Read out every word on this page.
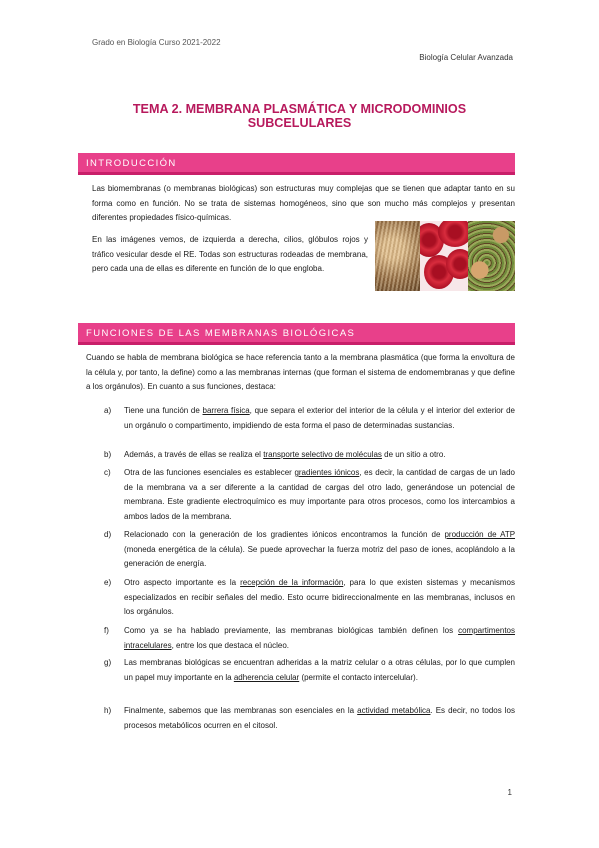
Grado en Biología Curso 2021-2022
Biología Celular Avanzada
TEMA 2. MEMBRANA PLASMÁTICA Y MICRODOMINIOS SUBCELULARES
INTRODUCCIÓN

Las biomembranas (o membranas biológicas) son estructuras muy complejas que se tienen que adaptar tanto en su forma como en función. No se trata de sistemas homogéneos, sino que son mucho más complejos y presentan diferentes propiedades físico-químicas.

En las imágenes vemos, de izquierda a derecha, cilios, glóbulos rojos y tráfico vesicular desde el RE. Todas son estructuras rodeadas de membrana, pero cada una de ellas es diferente en función de lo que engloba.

FUNCIONES DE LAS MEMBRANAS BIOLÓGICAS

Cuando se habla de membrana biológica se hace referencia tanto a la membrana plasmática (que forma la envoltura de la célula y, por tanto, la define) como a las membranas internas (que forman el sistema de endomembranas y que define a los orgánulos). En cuanto a sus funciones, destaca:

a) Tiene una función de barrera física, que separa el exterior del interior de la célula y el interior del exterior de un orgánulo o compartimento, impidiendo de esta forma el paso de determinadas sustancias.
b) Además, a través de ellas se realiza el transporte selectivo de moléculas de un sitio a otro.
c) Otra de las funciones esenciales es establecer gradientes iónicos, es decir, la cantidad de cargas de un lado de la membrana va a ser diferente a la cantidad de cargas del otro lado, generándose un potencial de membrana. Este gradiente electroquímico es muy importante para otros procesos, como los intercambios a ambos lados de la membrana.
d) Relacionado con la generación de los gradientes iónicos encontramos la función de producción de ATP (moneda energética de la célula). Se puede aprovechar la fuerza motriz del paso de iones, acoplándolo a la generación de energía.
e) Otro aspecto importante es la recepción de la información, para lo que existen sistemas y mecanismos especializados en recibir señales del medio. Esto ocurre bidireccionalmente en las membranas, inclusos en los orgánulos.
f) Como ya se ha hablado previamente, las membranas biológicas también definen los compartimentos intracelulares, entre los que destaca el núcleo.
g) Las membranas biológicas se encuentran adheridas a la matriz celular o a otras células, por lo que cumplen un papel muy importante en la adherencia celular (permite el contacto intercelular).
h) Finalmente, sabemos que las membranas son esenciales en la actividad metabólica. Es decir, no todos los procesos metabólicos ocurren en el citosol.
1
